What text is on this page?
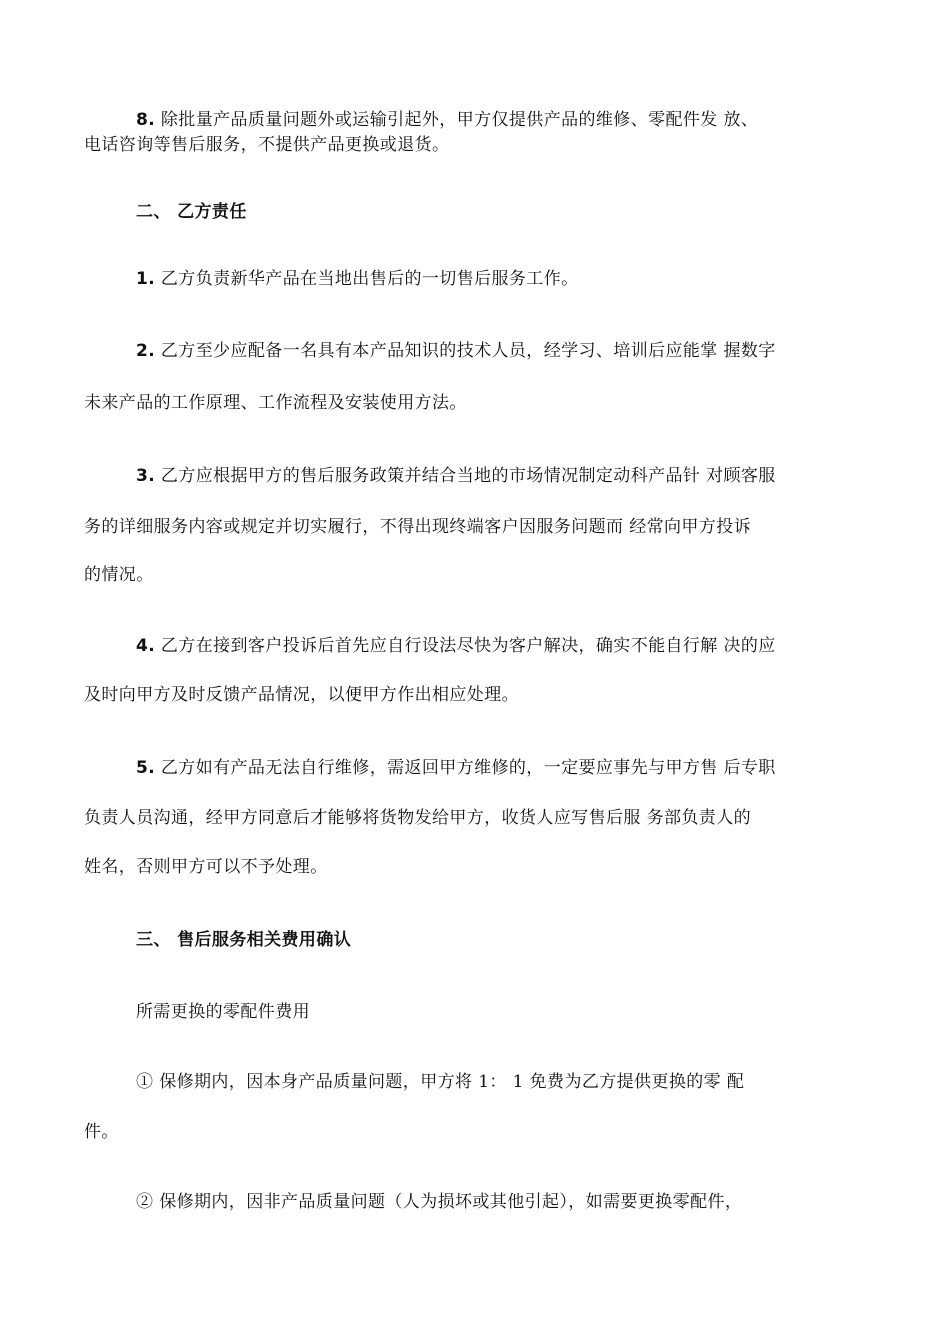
8. 除批量产品质量问题外或运输引起外，甲方仅提供产品的维修、零配件发 放、
电话咨询等售后服务，不提供产品更换或退货。
二、 乙方责任
1. 乙方负责新华产品在当地出售后的一切售后服务工作。
2. 乙方至少应配备一名具有本产品知识的技术人员，经学习、培训后应能掌 握数字
未来产品的工作原理、工作流程及安装使用方法。
3. 乙方应根据甲方的售后服务政策并结合当地的市场情况制定动科产品针 对顾客服
务的详细服务内容或规定并切实履行，不得出现终端客户因服务问题而 经常向甲方投诉
的情况。
4. 乙方在接到客户投诉后首先应自行设法尽快为客户解决，确实不能自行解 决的应
及时向甲方及时反馈产品情况，以便甲方作出相应处理。
5. 乙方如有产品无法自行维修，需返回甲方维修的，一定要应事先与甲方售 后专职
负责人员沟通，经甲方同意后才能够将货物发给甲方，收货人应写售后服 务部负责人的
姓名，否则甲方可以不予处理。
三、 售后服务相关费用确认
所需更换的零配件费用
① 保修期内，因本身产品质量问题，甲方将 1： 1 免费为乙方提供更换的零 配
件。
② 保修期内，因非产品质量问题（人为损坏或其他引起），如需要更换零配件，
